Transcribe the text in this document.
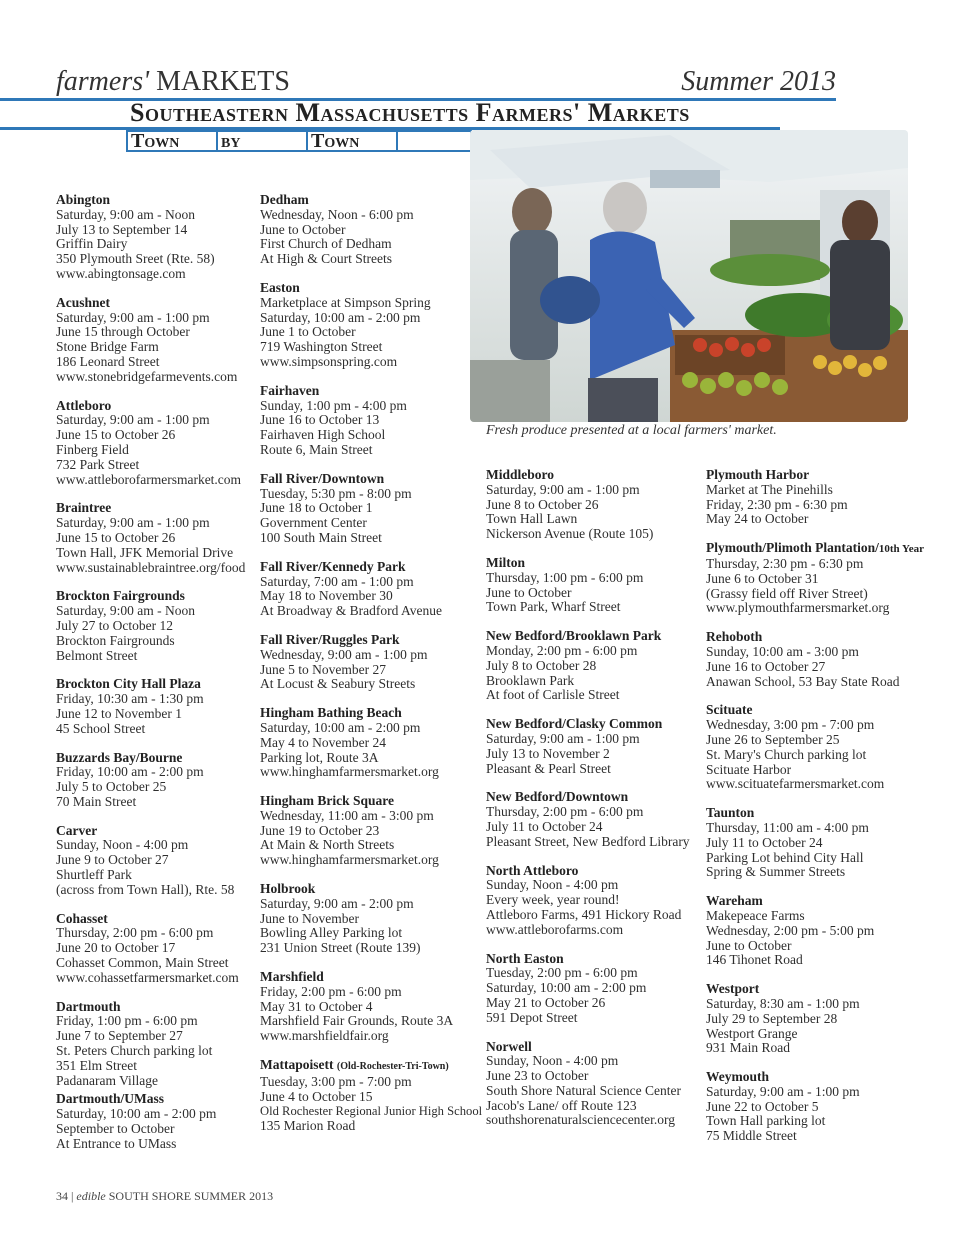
farmers' MARKETS	Summer 2013
Southeastern Massachusetts Farmers' Markets
Town	by	Town
Fresh produce presented at a local farmers' market.
Abington
Saturday, 9:00 am - Noon
July 13 to September 14
Griffin Dairy
350 Plymouth Sreet (Rte. 58)
www.abingtonsage.com
Acushnet
Saturday, 9:00 am - 1:00 pm
June 15 through October
Stone Bridge Farm
186 Leonard Street
www.stonebridgefarmevents.com
Attleboro
Saturday, 9:00 am - 1:00 pm
June 15 to October 26
Finberg Field
732 Park Street
www.attleborofarmersmarket.com
Braintree
Saturday, 9:00 am - 1:00 pm
June 15 to October 26
Town Hall, JFK Memorial Drive
www.sustainablebraintree.org/food
Brockton Fairgrounds
Saturday, 9:00 am - Noon
July 27 to October 12
Brockton Fairgrounds
Belmont Street
Brockton City Hall Plaza
Friday, 10:30 am - 1:30 pm
June 12 to November 1
45 School Street
Buzzards Bay/Bourne
Friday, 10:00 am - 2:00 pm
July 5 to October 25
70 Main Street
Carver
Sunday, Noon - 4:00 pm
June 9 to October 27
Shurtleff Park
(across from Town Hall), Rte. 58
Cohasset
Thursday, 2:00 pm - 6:00 pm
June 20 to October 17
Cohasset Common, Main Street
www.cohassetfarmersmarket.com
Dartmouth
Friday, 1:00 pm - 6:00 pm
June 7 to September 27
St. Peters Church parking lot
351 Elm Street
Padanaram Village
Dartmouth/UMass
Saturday, 10:00 am - 2:00 pm
September to October
At Entrance to UMass
Dedham
Wednesday, Noon - 6:00 pm
June to October
First Church of Dedham
At High & Court Streets
Easton
Marketplace at Simpson Spring
Saturday, 10:00 am - 2:00 pm
June 1 to October
719 Washington Street
www.simpsonspring.com
Fairhaven
Sunday, 1:00 pm - 4:00 pm
June 16 to October 13
Fairhaven High School
Route 6, Main Street
Fall River/Downtown
Tuesday, 5:30 pm - 8:00 pm
June 18 to October 1
Government Center
100 South Main Street
Fall River/Kennedy Park
Saturday, 7:00 am - 1:00 pm
May 18 to November 30
At Broadway & Bradford Avenue
Fall River/Ruggles Park
Wednesday, 9:00 am - 1:00 pm
June 5 to November 27
At Locust & Seabury Streets
Hingham Bathing Beach
Saturday, 10:00 am - 2:00 pm
May 4 to November 24
Parking lot, Route 3A
www.hinghamfarmersmarket.org
Hingham Brick Square
Wednesday, 11:00 am - 3:00 pm
June 19 to October 23
At Main & North Streets
www.hinghamfarmersmarket.org
Holbrook
Saturday, 9:00 am - 2:00 pm
June to November
Bowling Alley Parking lot
231 Union Street (Route 139)
Marshfield
Friday, 2:00 pm - 6:00 pm
May 31 to October 4
Marshfield Fair Grounds, Route 3A
www.marshfieldfair.org
Mattapoisett (Old-Rochester-Tri-Town)
Tuesday, 3:00 pm - 7:00 pm
June 4 to October 15
Old Rochester Regional Junior High School
135 Marion Road
Middleboro
Saturday, 9:00 am - 1:00 pm
June 8 to October 26
Town Hall Lawn
Nickerson Avenue (Route 105)
Milton
Thursday, 1:00 pm - 6:00 pm
June to October
Town Park, Wharf Street
New Bedford/Brooklawn Park
Monday, 2:00 pm - 6:00 pm
July 8 to October 28
Brooklawn Park
At foot of Carlisle Street
New Bedford/Clasky Common
Saturday, 9:00 am - 1:00 pm
July 13 to November 2
Pleasant & Pearl Street
New Bedford/Downtown
Thursday, 2:00 pm - 6:00 pm
July 11 to October 24
Pleasant Street, New Bedford Library
North Attleboro
Sunday, Noon - 4:00 pm
Every week, year round!
Attleboro Farms, 491 Hickory Road
www.attleborofarms.com
North Easton
Tuesday, 2:00 pm - 6:00 pm
Saturday, 10:00 am - 2:00 pm
May 21 to October 26
591 Depot Street
Norwell
Sunday, Noon - 4:00 pm
June 23 to October
South Shore Natural Science Center
Jacob's Lane/ off Route 123
southshorenaturalsciencecenter.org
Plymouth Harbor
Market at The Pinehills
Friday, 2:30 pm - 6:30 pm
May 24 to October
Plymouth/Plimoth Plantation/10th Year
Thursday, 2:30 pm - 6:30 pm
June 6 to October 31
(Grassy field off River Street)
www.plymouthfarmersmarket.org
Rehoboth
Sunday, 10:00 am - 3:00 pm
June 16 to October 27
Anawan School, 53 Bay State Road
Scituate
Wednesday, 3:00 pm - 7:00 pm
June 26 to September 25
St. Mary's Church parking lot
Scituate Harbor
www.scituatefarmersmarket.com
Taunton
Thursday, 11:00 am - 4:00 pm
July 11 to October 24
Parking Lot behind City Hall
Spring & Summer Streets
Wareham
Makepeace Farms
Wednesday, 2:00 pm - 5:00 pm
June to October
146 Tihonet Road
Westport
Saturday, 8:30 am - 1:00 pm
July 29 to September 28
Westport Grange
931 Main Road
Weymouth
Saturday, 9:00 am - 1:00 pm
June 22 to October 5
Town Hall parking lot
75 Middle Street
34 | edible SOUTH SHORE SUMMER 2013
